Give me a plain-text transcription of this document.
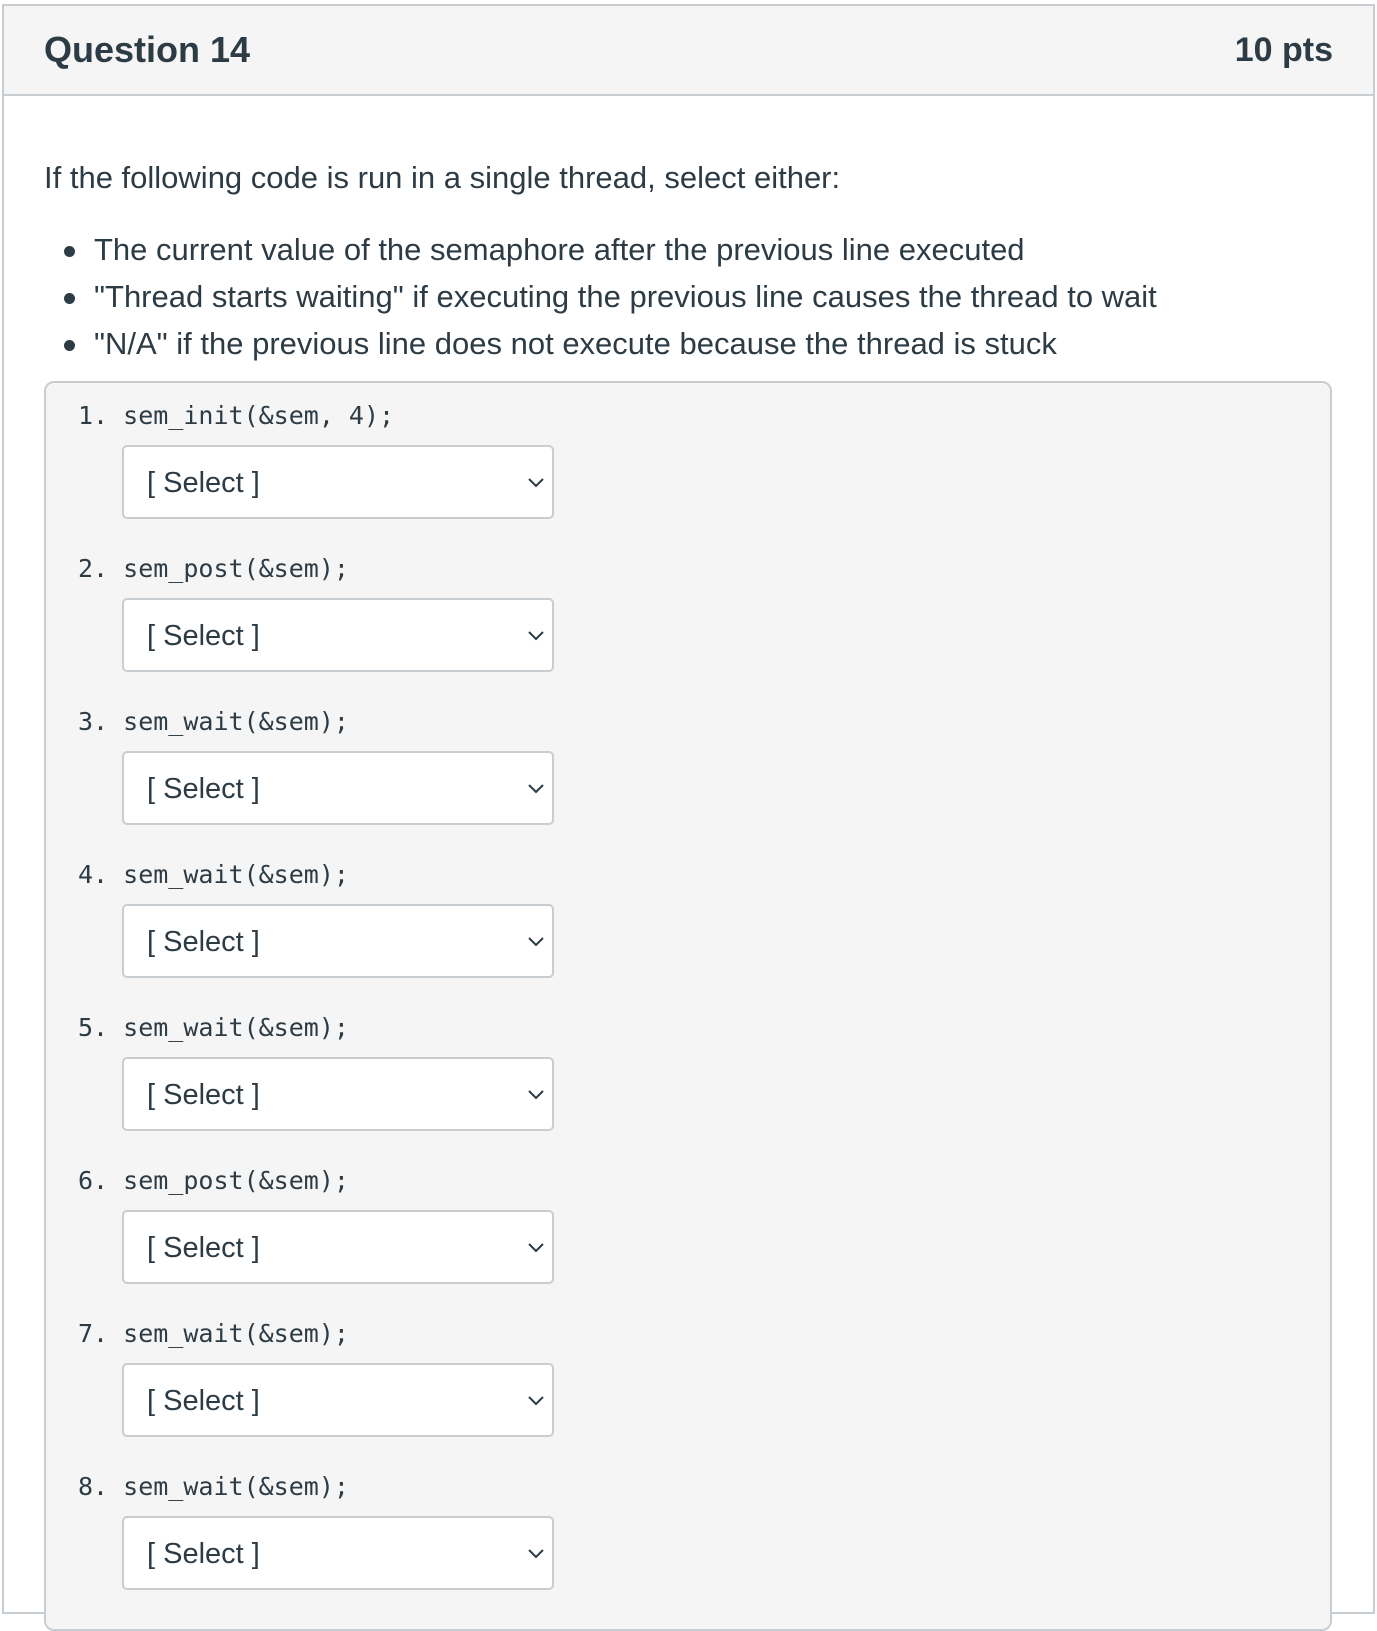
Question 14	10 pts

If the following code is run in a single thread, select either:

The current value of the semaphore after the previous line executed
"Thread starts waiting" if executing the previous line causes the thread to wait
"N/A" if the previous line does not execute because the thread is stuck
1. sem_init(&sem, 4);
[ Select ]
2. sem_post(&sem);
[ Select ]
3. sem_wait(&sem);
[ Select ]
4. sem_wait(&sem);
[ Select ]
5. sem_wait(&sem);
[ Select ]
6. sem_post(&sem);
[ Select ]
7. sem_wait(&sem);
[ Select ]
8. sem_wait(&sem);
[ Select ]
